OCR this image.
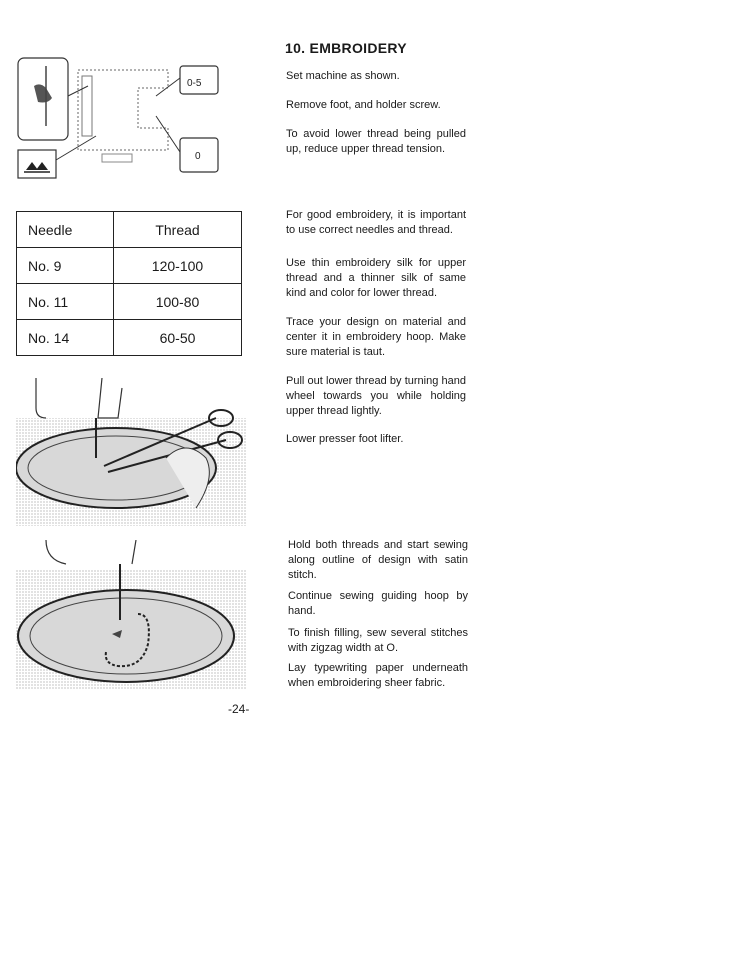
10. EMBROIDERY
Set machine as shown.
Remove foot, and holder screw.
To avoid lower thread being pulled up, reduce upper thread tension.
For good embroidery, it is important to use correct needles and thread.
Use thin embroidery silk for upper thread and a thinner silk of same kind and color for lower thread.
Trace your design on material and center it in embroidery hoop. Make sure material is taut.
Pull out lower thread by turning hand wheel towards you while holding upper thread lightly.
Lower presser foot lifter.
Hold both threads and start sewing along outline of design with satin stitch.
Continue sewing guiding hoop by hand.
To finish filling, sew several stitches with zigzag width at O.
Lay typewriting paper underneath when embroidering sheer fabric.
0-5
0
Needle	Thread
No. 9	120-100
No. 11	100-80
No. 14	60-50
-24-
